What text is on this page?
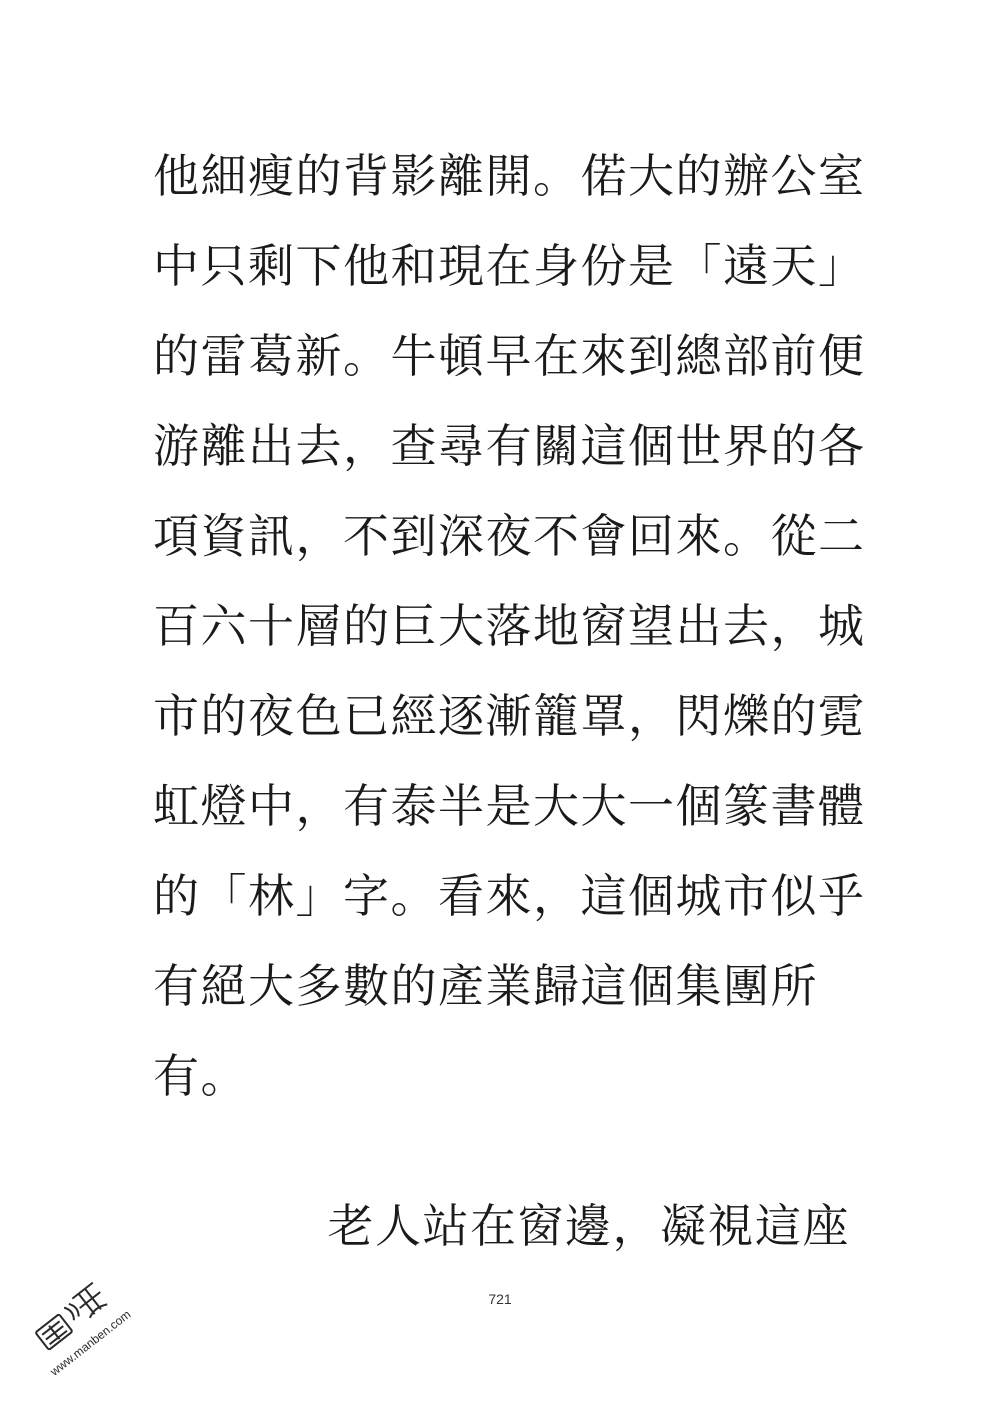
他細瘦的背影離開。偌大的辦公室
中只剩下他和現在身份是「遠天」
的雷葛新。牛頓早在來到總部前便
游離出去，查尋有關這個世界的各
項資訊，不到深夜不會回來。從二
百六十層的巨大落地窗望出去，城
市的夜色已經逐漸籠罩，閃爍的霓
虹燈中，有泰半是大大一個篆書體
的「林」字。看來，這個城市似乎
有絕大多數的產業歸這個集團所
有。
老人站在窗邊，凝視這座
721
www.manben.com
